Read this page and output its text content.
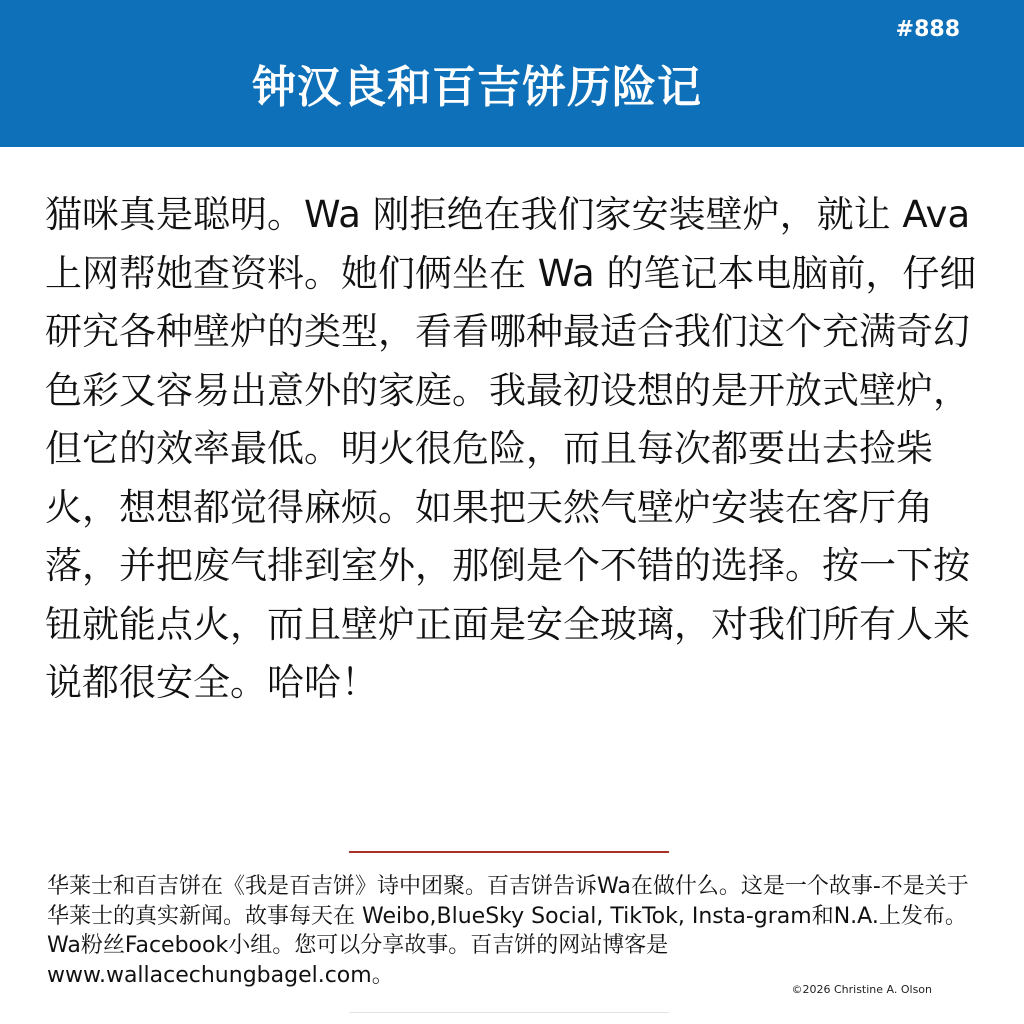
#888
钟汉良和百吉饼历险记

猫咪真是聪明。Wa 刚拒绝在我们家安装壁炉，就让 Ava 上网帮她查资料。她们俩坐在 Wa 的笔记本电脑前，仔细研究各种壁炉的类型，看看哪种最适合我们这个充满奇幻色彩又容易出意外的家庭。我最初设想的是开放式壁炉，但它的效率最低。明火很危险，而且每次都要出去捡柴火，想想都觉得麻烦。如果把天然气壁炉安装在客厅角落，并把废气排到室外，那倒是个不错的选择。按一下按钮就能点火，而且壁炉正面是安全玻璃，对我们所有人来说都很安全。哈哈！

华莱士和百吉饼在《我是百吉饼》诗中团聚。百吉饼告诉Wa在做什么。这是一个故事-不是关于华莱士的真实新闻。故事每天在 Weibo,BlueSky Social, TikTok, Insta-gram和N.A.上发布。Wa粉丝Facebook小组。您可以分享故事。百吉饼的网站博客是www.wallacechungbagel.com。

©2026 Christine A. Olson
